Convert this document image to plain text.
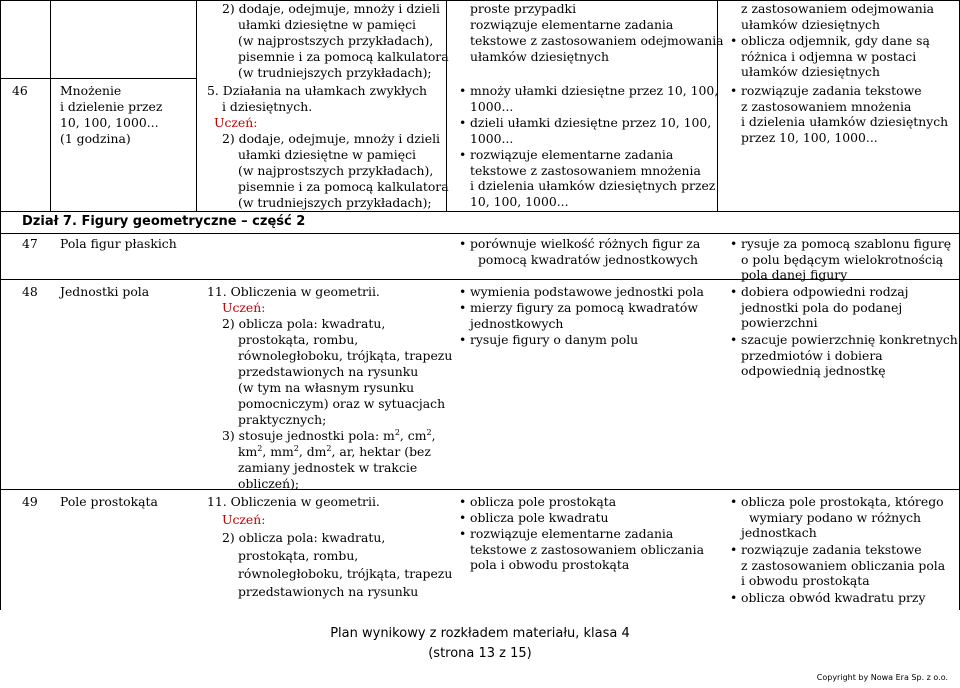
46	Mnożenie
i dzielenie przez
10, 100, 1000...
(1 godzina)
2) dodaje, odejmuje, mnoży i dzieli
ułamki dziesiętne w pamięci
(w najprostszych przykładach),
pisemnie i za pomocą kalkulatora
(w trudniejszych przykładach);
5. Działania na ułamkach zwykłych
i dziesiętnych.
Uczeń:
2) dodaje, odejmuje, mnoży i dzieli
ułamki dziesiętne w pamięci
(w najprostszych przykładach),
pisemnie i za pomocą kalkulatora
(w trudniejszych przykładach);
proste przypadki
rozwiązuje elementarne zadania
tekstowe z zastosowaniem odejmowania
ułamków dziesiętnych
• mnoży ułamki dziesiętne przez 10, 100,
1000...
• dzieli ułamki dziesiętne przez 10, 100,
1000...
• rozwiązuje elementarne zadania
tekstowe z zastosowaniem mnożenia
i dzielenia ułamków dziesiętnych przez
10, 100, 1000...
z zastosowaniem odejmowania
ułamków dziesiętnych
• oblicza odjemnik, gdy dane są
różnica i odjemna w postaci
ułamków dziesiętnych
• rozwiązuje zadania tekstowe
z zastosowaniem mnożenia
i dzielenia ułamków dziesiętnych
przez 10, 100, 1000...
Dział 7. Figury geometryczne – część 2
47 Pola figur płaskich
•	porównuje wielkość różnych figur za
pomocą kwadratów jednostkowych
• rysuje za pomocą szablonu figurę
o polu będącym wielokrotnością
pola danej figury
48 Jednostki pola	11. Obliczenia w geometrii.
Uczeń:
2) oblicza pola: kwadratu,
prostokąta, rombu,
równoległoboku, trójkąta, trapezu
przedstawionych na rysunku
(w tym na własnym rysunku
pomocniczym) oraz w sytuacjach
praktycznych;
3) stosuje jednostki pola: $m^2$, $cm^2$,
$km^2$, $mm^2$, $dm^2$, ar, hektar (bez
zamiany jednostek w trakcie
obliczeń);
• wymienia podstawowe jednostki pola
• mierzy figury za pomocą kwadratów
jednostkowych
• rysuje figury o danym polu
• dobiera odpowiedni rodzaj
jednostki pola do podanej
powierzchni
• szacuje powierzchnię konkretnych
przedmiotów i dobiera
odpowiednią jednostkę
49 Pole prostokąta	11. Obliczenia w geometrii.
Uczeń:
2) oblicza pola: kwadratu,
prostokąta, rombu,
równoległoboku, trójkąta, trapezu
przedstawionych na rysunku
• oblicza pole prostokąta
• oblicza pole kwadratu
• rozwiązuje elementarne zadania
tekstowe z zastosowaniem obliczania
pola i obwodu prostokąta
• oblicza pole prostokąta, którego
wymiary podano w różnych
jednostkach
• rozwiązuje zadania tekstowe
z zastosowaniem obliczania pola
i obwodu prostokąta
• oblicza obwód kwadratu przy
Plan wynikowy z rozkładem materiału, klasa 4
(strona 13 z 15)
Copyright by Nowa Era Sp. z o.o.
